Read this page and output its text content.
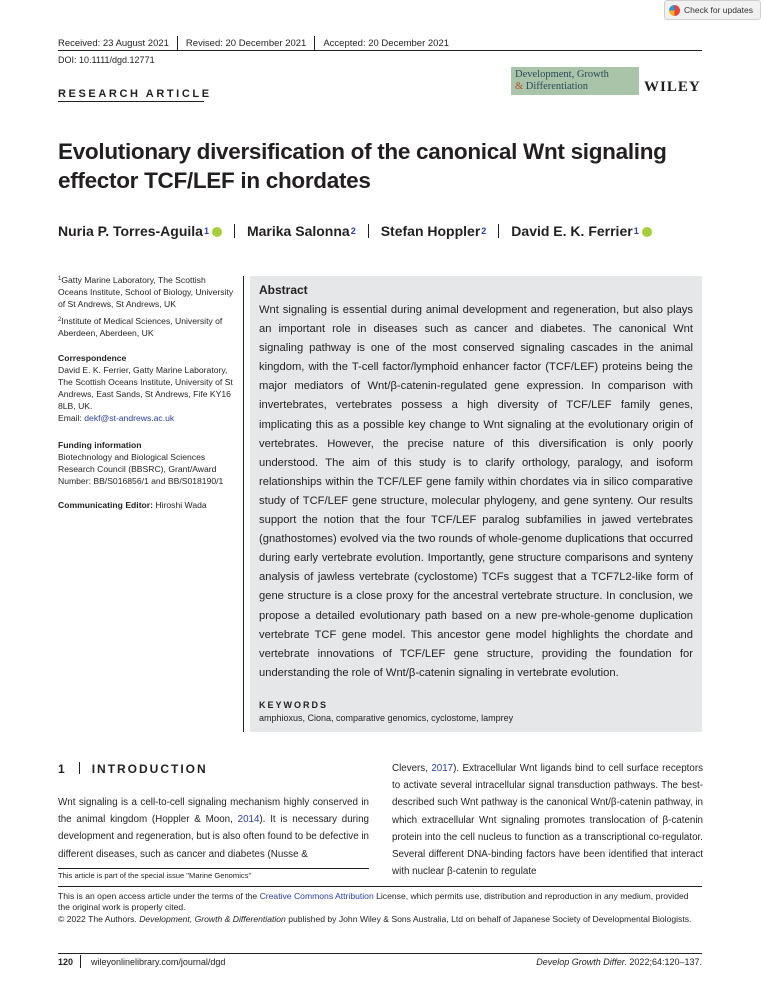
Check for updates
Received: 23 August 2021 Revised: 20 December 2021 Accepted: 20 December 2021
DOI: 10.1111/dgd.12771
Development, Growth
& Differentiation	WILEY
RESEARCH ARTICLE
Evolutionary diversification of the canonical Wnt signaling effector TCF/LEF in chordates
Nuria P. Torres-Aguila 1	Marika Salonna 2 Stefan Hoppler 2 David E. K. Ferrier 1

$^1$Gatty Marine Laboratory, The Scottish Oceans Institute, School of Biology, University of St Andrews, St Andrews, UK

$^2$Institute of Medical Sciences, University of Aberdeen, Aberdeen, UK

Correspondence

David E. K. Ferrier, Gatty Marine Laboratory, The Scottish Oceans Institute, University of St Andrews, East Sands, St Andrews, Fife KY16 8LB, UK.

Email: dekf@st-andrews.ac.uk

Funding information

Biotechnology and Biological Sciences Research Council (BBSRC), Grant/Award Number: BB/S016856/1 and BB/S018190/1

Communicating Editor: Hiroshi Wada

Abstract
Wnt signaling is essential during animal development and regeneration, but also plays an important role in diseases such as cancer and diabetes. The canonical Wnt signaling pathway is one of the most conserved signaling cascades in the animal kingdom, with the T-cell factor/lymphoid enhancer factor (TCF/LEF) proteins being the major mediators of Wnt/β-catenin-regulated gene expression. In comparison with invertebrates, vertebrates possess a high diversity of TCF/LEF family genes, implicating this as a possible key change to Wnt signaling at the evolutionary origin of vertebrates. However, the precise nature of this diversification is only poorly understood. The aim of this study is to clarify orthology, paralogy, and isoform relationships within the TCF/LEF gene family within chordates via in silico comparative study of TCF/LEF gene structure, molecular phylogeny, and gene synteny. Our results support the notion that the four TCF/LEF paralog subfamilies in jawed vertebrates (gnathostomes) evolved via the two rounds of whole-genome duplications that occurred during early vertebrate evolution. Importantly, gene structure comparisons and synteny analysis of jawless vertebrate (cyclostome) TCFs suggest that a TCF7L2-like form of gene structure is a close proxy for the ancestral vertebrate structure. In conclusion, we propose a detailed evolutionary path based on a new pre-whole-genome duplication vertebrate TCF gene model. This ancestor gene model highlights the chordate and vertebrate innovations of TCF/LEF gene structure, providing the foundation for understanding the role of Wnt/β-catenin signaling in vertebrate evolution.
KEYWORDS
amphioxus, Ciona, comparative genomics, cyclostome, lamprey
1 INTRODUCTION
Wnt signaling is a cell-to-cell signaling mechanism highly conserved in the animal kingdom (Hoppler & Moon, 2014). It is necessary during development and regeneration, but is also often found to be defective in different diseases, such as cancer and diabetes (Nusse &
Clevers, 2017). Extracellular Wnt ligands bind to cell surface receptors to activate several intracellular signal transduction pathways. The best-described such Wnt pathway is the canonical Wnt/β-catenin pathway, in which extracellular Wnt signaling promotes translocation of β-catenin protein into the cell nucleus to function as a transcriptional co-regulator. Several different DNA-binding factors have been identified that interact with nuclear β-catenin to regulate
This article is part of the special issue "Marine Genomics"

This is an open access article under the terms of the Creative Commons Attribution License, which permits use, distribution and reproduction in any medium, provided the original work is properly cited.

© 2022 The Authors. Development, Growth & Differentiation published by John Wiley & Sons Australia, Ltd on behalf of Japanese Society of Developmental Biologists.

120 wileyonlinelibrary.com/journal/dgd	Develop Growth Differ. 2022;64:120–137.
